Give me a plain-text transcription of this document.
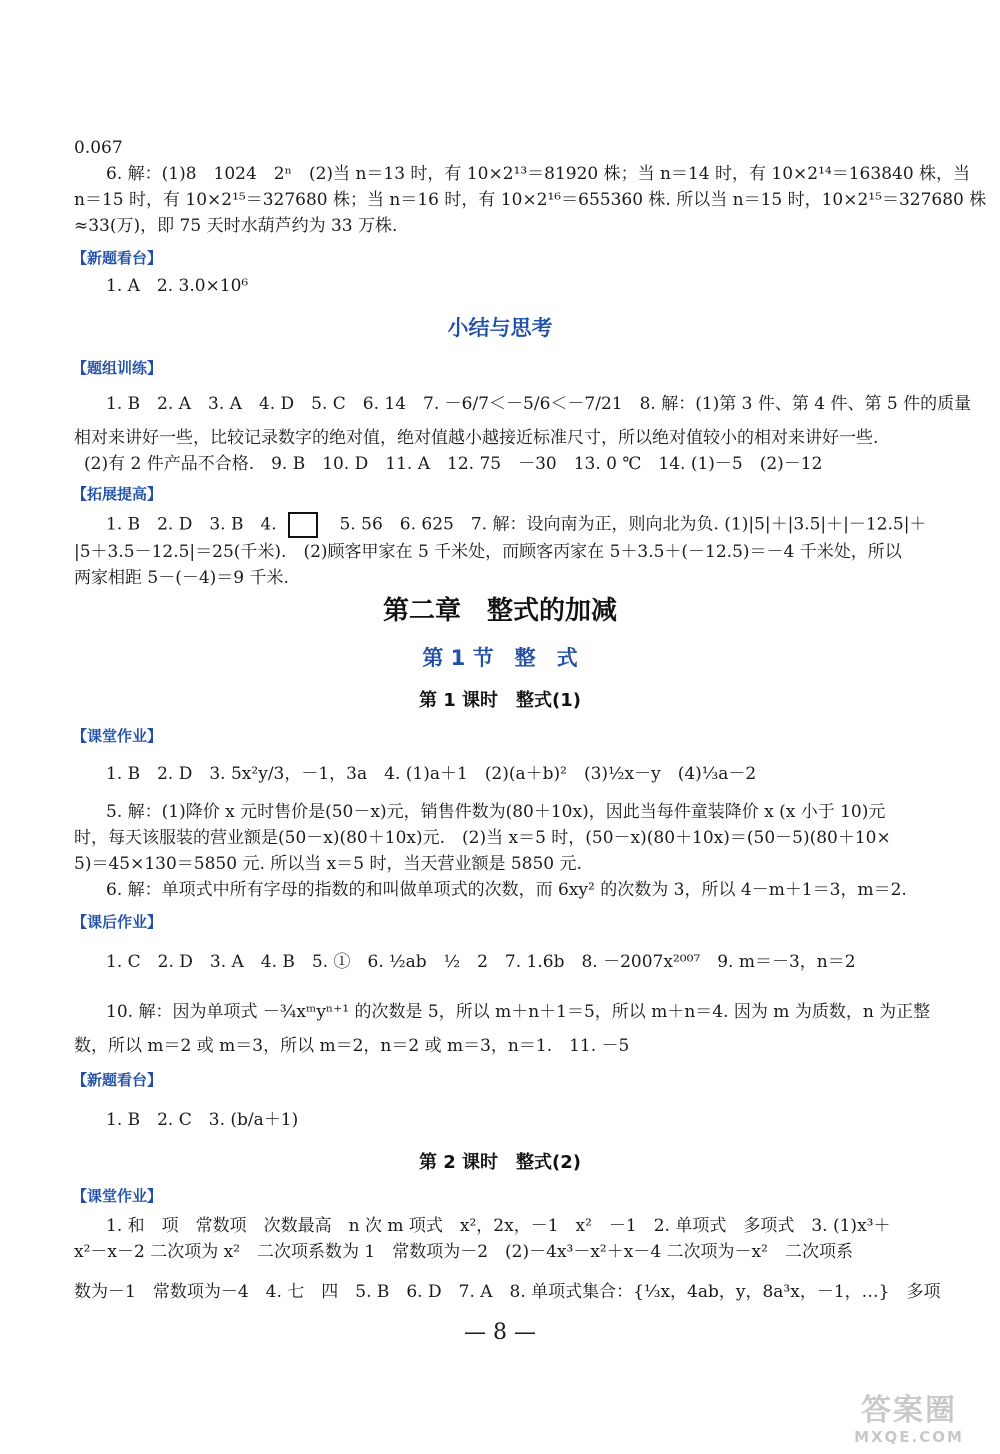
0.067
6. 解：(1)8　1024　2ⁿ　(2)当 n＝13 时，有 10×2¹³＝81920 株；当 n＝14 时，有 10×2¹⁴＝163840 株，当
n＝15 时，有 10×2¹⁵＝327680 株；当 n＝16 时，有 10×2¹⁶＝655360 株. 所以当 n＝15 时，10×2¹⁵＝327680 株
≈33(万)，即 75 天时水葫芦约为 33 万株.
【新题看台】
1. A　2. 3.0×10⁶
小结与思考
【题组训练】
1. B　2. A　3. A　4. D　5. C　6. 14　7. －6/7＜－5/6＜－7/21　8. 解：(1)第 3 件、第 4 件、第 5 件的质量
相对来讲好一些，比较记录数字的绝对值，绝对值越小越接近标准尺寸，所以绝对值较小的相对来讲好一些.
(2)有 2 件产品不合格.　9. B　10. D　11. A　12. 75　－30　13. 0 ℃　14. (1)－5　(2)－12
【拓展提高】
1. B　2. D　3. B　4.	5. 56　6. 625　7. 解：设向南为正，则向北为负. (1)|5|＋|3.5|＋|－12.5|＋
|5＋3.5－12.5|＝25(千米).　(2)顾客甲家在 5 千米处，而顾客丙家在 5＋3.5＋(－12.5)＝－4 千米处，所以
两家相距 5－(－4)＝9 千米.
第二章　整式的加减
第 1 节　整　式
第 1 课时　整式(1)
【课堂作业】
1. B　2. D　3. 5x²y/3，－1，3a　4. (1)a＋1　(2)(a＋b)²　(3)½x－y　(4)⅓a－2
5. 解：(1)降价 x 元时售价是(50－x)元，销售件数为(80＋10x)，因此当每件童装降价 x (x 小于 10)元
时，每天该服装的营业额是(50－x)(80＋10x)元.　(2)当 x＝5 时，(50－x)(80＋10x)＝(50－5)(80＋10×
5)＝45×130＝5850 元. 所以当 x＝5 时，当天营业额是 5850 元.
6. 解：单项式中所有字母的指数的和叫做单项式的次数，而 6xy² 的次数为 3，所以 4－m＋1＝3，m＝2.
【课后作业】
1. C　2. D　3. A　4. B　5. ①　6. ½ab　½　2　7. 1.6b　8. －2007x²⁰⁰⁷　9. m＝－3，n＝2
10. 解：因为单项式 －¾xᵐyⁿ⁺¹ 的次数是 5，所以 m＋n＋1＝5，所以 m＋n＝4. 因为 m 为质数，n 为正整
数，所以 m＝2 或 m＝3，所以 m＝2，n＝2 或 m＝3，n＝1.　11. －5
【新题看台】
1. B　2. C　3. (b/a＋1)
第 2 课时　整式(2)
【课堂作业】
1. 和　项　常数项　次数最高　n 次 m 项式　x²，2x，－1　x²　－1　2. 单项式　多项式　3. (1)x³＋
x²－x－2 二次项为 x²　二次项系数为 1　常数项为－2　(2)－4x³－x²＋x－4 二次项为－x²　二次项系
数为－1　常数项为－4　4. 七　四　5. B　6. D　7. A　8. 单项式集合：{⅓x，4ab，y，8a³x，－1，…}　多项
— 8 —
答案圈
MXQE.COM
